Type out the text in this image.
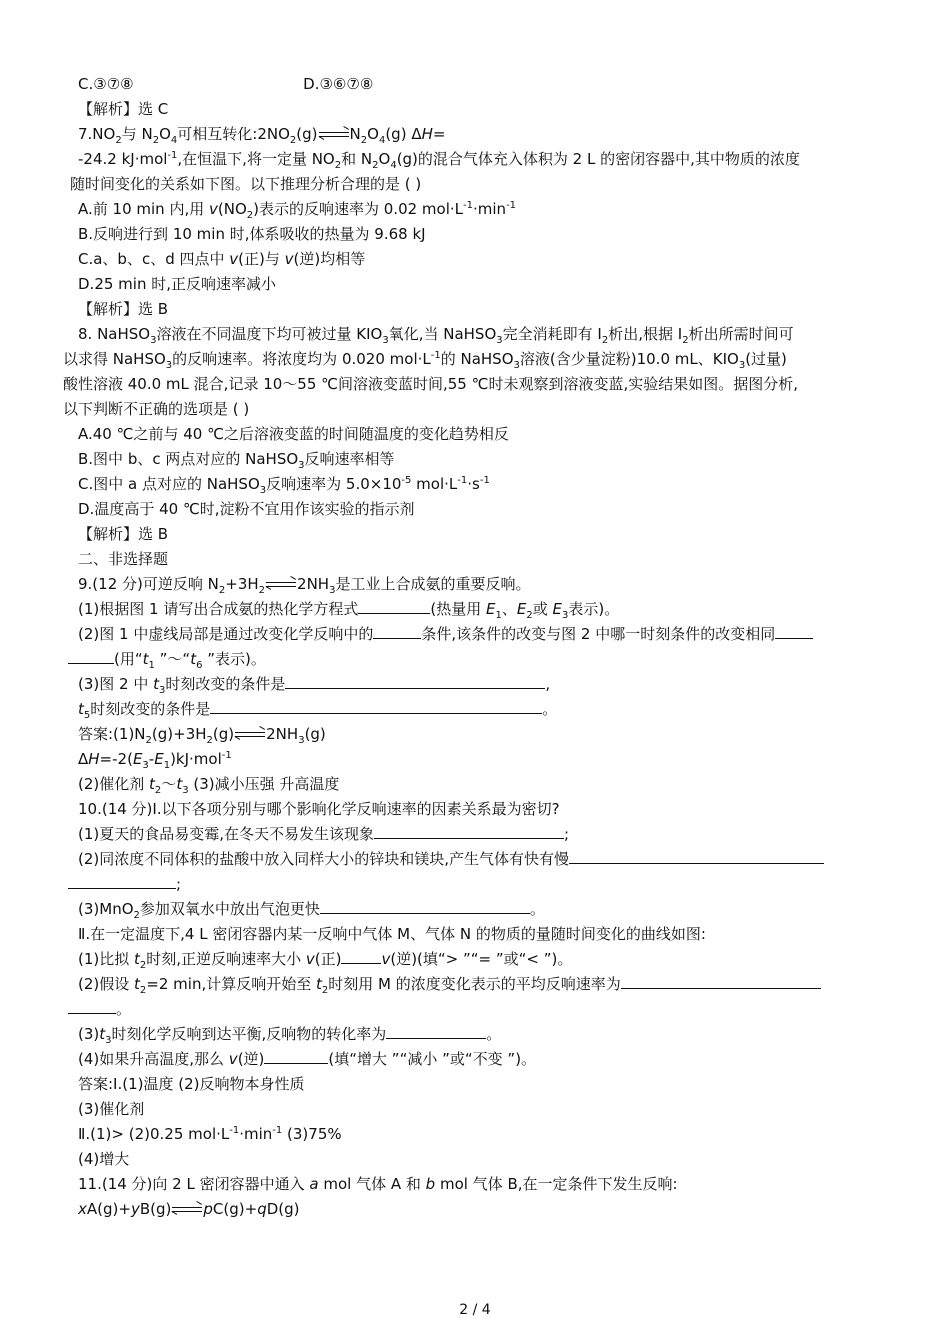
C.③⑦⑧	D.③⑥⑦⑧
【解析】选 C
$7.NO_2$与 $N_2O_4$可相互转化$:2NO_2(g)$ $N_2O_4(g)$ ΔH=
-24.2 kJ·mol$^{-1}$,在恒温下,将一定量 $NO_2$和 $N_2O_4(g)$的混合气体充入体积为 2 L 的密闭容器中,其中物质的浓度
随时间变化的关系如下图。以下推理分析合理的是 ( )
A.前 10 min 内,用 $v(NO_2)$表示的反响速率为 0.02 $mol\cdot L^{-1}\cdot\min^{-1}$
B.反响进行到 10 min 时,体系吸收的热量为 9.68 kJ
C.a、b、c、d 四点中 v(正)与 v(逆)均相等
D.25 min 时,正反响速率减小
【解析】选 B
8. NaHSO$_3$溶液在不同温度下均可被过量 $KIO_3$氧化,当 NaHSO$_3$完全消耗即有 $I_2$析出,根据 $I_2$析出所需时间可
以求得 NaHSO$_3$的反响速率。将浓度均为 0.020 $mol\cdot L^{-1}$的 NaHSO$_3$溶液(含少量淀粉)10.0 mL、$KIO_3$(过量)
酸性溶液 40.0 mL 混合,记录 10～55 ℃间溶液变蓝时间,55 ℃时未观察到溶液变蓝,实验结果如图。据图分析,
以下判断不正确的选项是 ( )
A.40 ℃之前与 40 ℃之后溶液变蓝的时间随温度的变化趋势相反
B.图中 b、c 两点对应的 NaHSO$_3$反响速率相等
C.图中 a 点对应的 NaHSO$_3$反响速率为 $5.0\times 10^{-5}$ $mol\cdot L^{-1}\cdot s^{-1}$
D.温度高于 40 ℃时,淀粉不宜用作该实验的指示剂
【解析】选 B
二、非选择题
9.(12 分)可逆反响 $N_2+3H_2$ $2NH_3$是工业上合成氨的重要反响。
(1)根据图 1 请写出合成氨的热化学方程式	(热量用 $E_1$、$E_2$或 $E_3$表示)。
(2)图 1 中虚线局部是通过改变化学反响中的	条件,该条件的改变与图 2 中哪一时刻条件的改变相同
(用“$t_1$ $”\sim“t_6$ ”表示)。
(3)图 2 中 $t_3$时刻改变的条件是	,
$t_5$时刻改变的条件是	。
答案$:(1)N_2(g)+3H_2(g)$ $2NH_3(g)$
$\Delta H=-2(E_3-E_1)kJ\cdot mol^{-1}$
(2)催化剂 $t_2\sim t_3$ (3)减小压强 升高温度
10.(14 分)Ⅰ.以下各项分别与哪个影响化学反响速率的因素关系最为密切?
(1)夏天的食品易变霉,在冬天不易发生该现象	;
(2)同浓度不同体积的盐酸中放入同样大小的锌块和镁块,产生气体有快有慢
;
(3)MnO$_2$参加双氧水中放出气泡更快	。
Ⅱ.在一定温度下,4 L 密闭容器内某一反响中气体 M、气体 N 的物质的量随时间变化的曲线如图:
(1)比拟 $t_2$时刻,正逆反响速率大小 v(正)	v(逆)(填“> ”“= ”或“< ”)。
(2)假设 $t_2=2$ min,计算反响开始至 $t_2$时刻用 M 的浓度变化表示的平均反响速率为
。
$(3)t_3$时刻化学反响到达平衡,反响物的转化率为	。
(4)如果升高温度,那么 v(逆)	(填“增大 ”“减小 ”或“不变 ”)。
答案:Ⅰ.(1)温度 (2)反响物本身性质
(3)催化剂
Ⅱ.(1)> (2)0.25 $mol\cdot L^{-1}\cdot\min^{-1}$ (3)75%
(4)增大
11.(14 分)向 2 L 密闭容器中通入 a mol 气体 A 和 b mol 气体 B,在一定条件下发生反响:
xA(g)+yB(g) pC(g)+qD(g)
2 / 4
